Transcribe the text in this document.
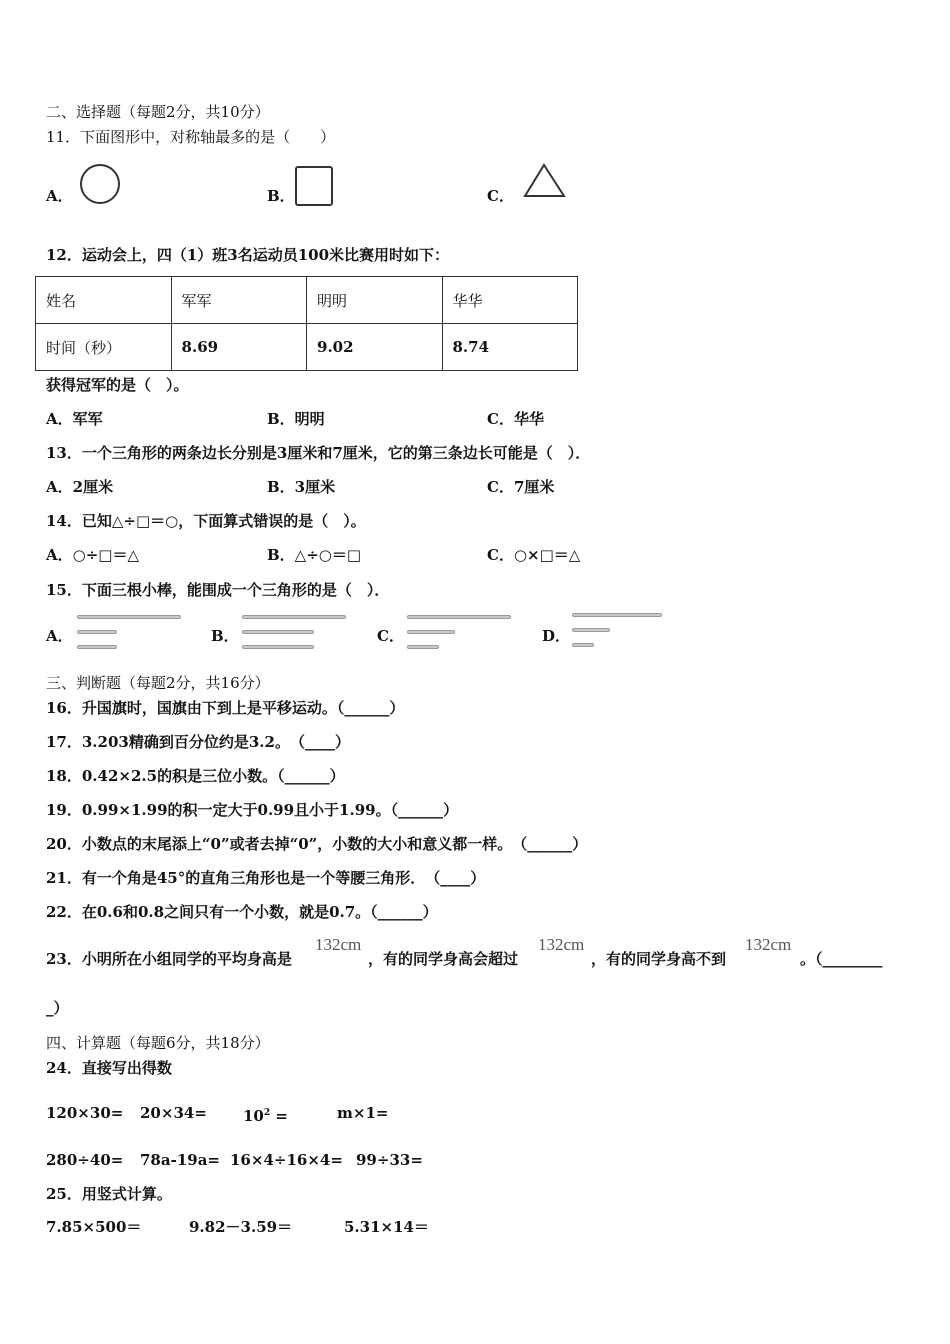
二、选择题（每题2分，共10分）
11．下面图形中，对称轴最多的是（　　）
A．	B．	C．
12．运动会上，四（1）班3名运动员100米比赛用时如下：
姓名	军军	明明	华华
时间（秒）	8.69	9.02	8.74
获得冠军的是（　）。
A．军军	B．明明	C．华华
13．一个三角形的两条边长分别是3厘米和7厘米，它的第三条边长可能是（　）．
A．2厘米	B．3厘米	C．7厘米
14．已知△÷□＝○，下面算式错误的是（　）。
A．○÷□＝△	B．△÷○＝□	C．○×□＝△
15．下面三根小棒，能围成一个三角形的是（　）．
A．	B．	C．	D．
三、判断题（每题2分，共16分）
16．升国旗时，国旗由下到上是平移运动。（______）
17．3.203精确到百分位约是3.2。　（____）
18．0.42×2.5的积是三位小数。（______）
19．0.99×1.99的积一定大于0.99且小于1.99。（______）
20．小数点的末尾添上“0”或者去掉“0”，小数的大小和意义都一样。　（______）
21．有一个角是45°的直角三角形也是一个等腰三角形．　（____）
22．在0.6和0.8之间只有一个小数，就是0.7。（______）
23．小明所在小组同学的平均身高是
132cm
，有的同学身高会超过
132cm
，有的同学身高不到
132cm
。（________
_）
四、计算题（每题6分，共18分）
24．直接写出得数
$120\times 30= 20\times 34= 10^2$ =	m×1=
280÷40= 78a-19a= 16×4÷16×4= 99÷33=
25．用竖式计算。
7.85×500＝	9.82－3.59＝	5.31×14＝
